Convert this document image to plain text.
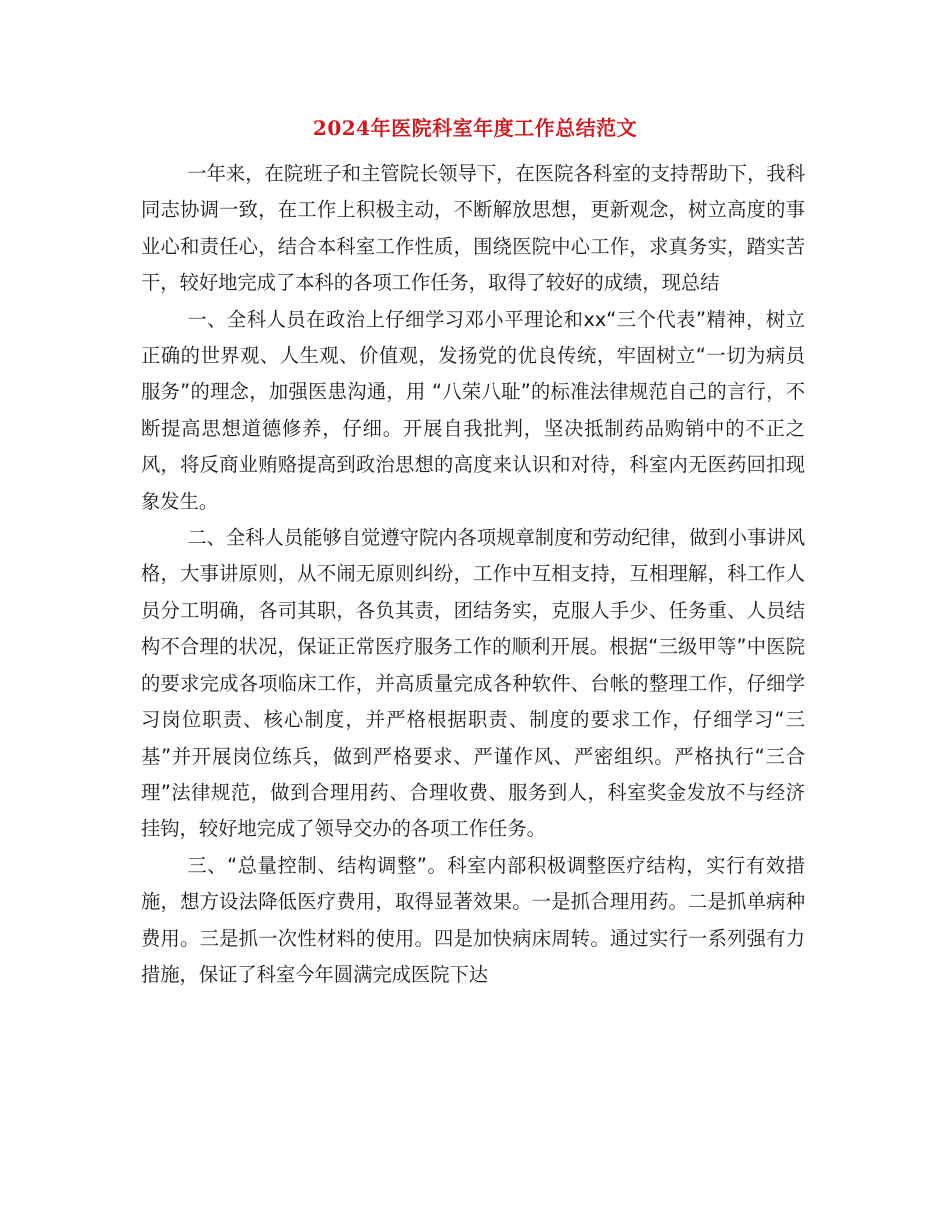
2024年医院科室年度工作总结范文

一年来，在院班子和主管院长领导下，在医院各科室的支持帮助下，我科同志协调一致，在工作上积极主动，不断解放思想，更新观念，树立高度的事业心和责任心，结合本科室工作性质，围绕医院中心工作，求真务实，踏实苦干，较好地完成了本科的各项工作任务，取得了较好的成绩，现总结

一、全科人员在政治上仔细学习邓小平理论和xx“三个代表”精神，树立正确的世界观、人生观、价值观，发扬党的优良传统，牢固树立“一切为病员服务”的理念，加强医患沟通，用 “八荣八耻”的标准法律规范自己的言行，不断提高思想道德修养，仔细。开展自我批判，坚决抵制药品购销中的不正之风，将反商业贿赂提高到政治思想的高度来认识和对待，科室内无医药回扣现象发生。

二、全科人员能够自觉遵守院内各项规章制度和劳动纪律，做到小事讲风格，大事讲原则，从不闹无原则纠纷，工作中互相支持，互相理解，科工作人员分工明确，各司其职，各负其责，团结务实，克服人手少、任务重、人员结构不合理的状况，保证正常医疗服务工作的顺利开展。根据“三级甲等”中医院的要求完成各项临床工作，并高质量完成各种软件、台帐的整理工作，仔细学习岗位职责、核心制度，并严格根据职责、制度的要求工作，仔细学习“三基”并开展岗位练兵，做到严格要求、严谨作风、严密组织。严格执行“三合理”法律规范，做到合理用药、合理收费、服务到人，科室奖金发放不与经济挂钩，较好地完成了领导交办的各项工作任务。

三、“总量控制、结构调整”。科室内部积极调整医疗结构，实行有效措施，想方设法降低医疗费用，取得显著效果。一是抓合理用药。二是抓单病种费用。三是抓一次性材料的使用。四是加快病床周转。通过实行一系列强有力措施，保证了科室今年圆满完成医院下达
